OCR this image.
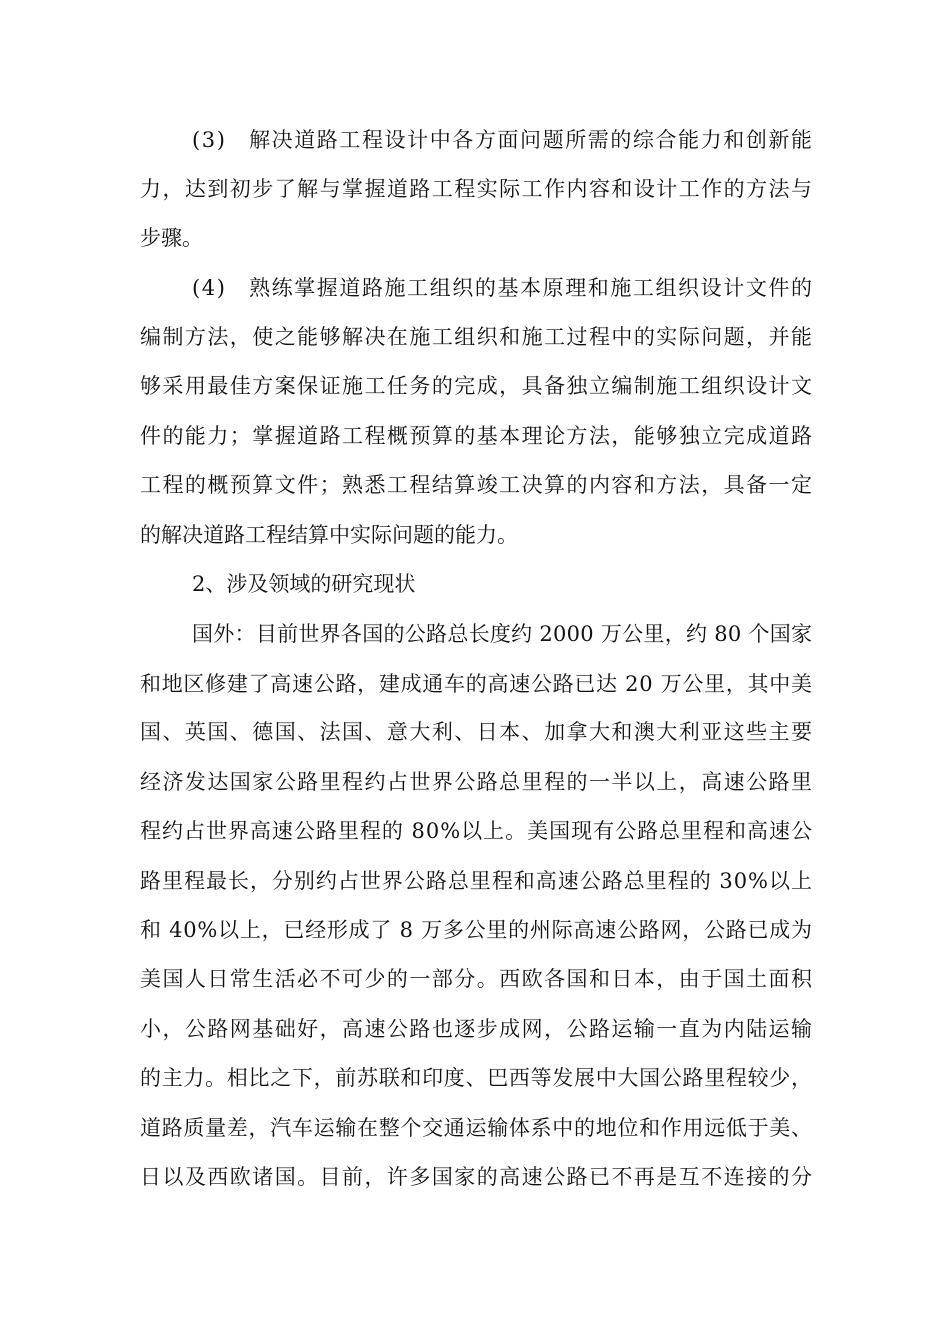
(3)　解决道路工程设计中各方面问题所需的综合能力和创新能
力，达到初步了解与掌握道路工程实际工作内容和设计工作的方法与
步骤。
(4)　熟练掌握道路施工组织的基本原理和施工组织设计文件的
编制方法，使之能够解决在施工组织和施工过程中的实际问题，并能
够采用最佳方案保证施工任务的完成，具备独立编制施工组织设计文
件的能力；掌握道路工程概预算的基本理论方法，能够独立完成道路
工程的概预算文件；熟悉工程结算竣工决算的内容和方法，具备一定
的解决道路工程结算中实际问题的能力。
2、涉及领域的研究现状
国外：目前世界各国的公路总长度约 2000 万公里，约 80 个国家
和地区修建了高速公路，建成通车的高速公路已达 20 万公里，其中美
国、英国、德国、法国、意大利、日本、加拿大和澳大利亚这些主要
经济发达国家公路里程约占世界公路总里程的一半以上，高速公路里
程约占世界高速公路里程的 80%以上。美国现有公路总里程和高速公
路里程最长，分别约占世界公路总里程和高速公路总里程的 30%以上
和 40%以上，已经形成了 8 万多公里的州际高速公路网，公路已成为
美国人日常生活必不可少的一部分。西欧各国和日本，由于国土面积
小，公路网基础好，高速公路也逐步成网，公路运输一直为内陆运输
的主力。相比之下，前苏联和印度、巴西等发展中大国公路里程较少，
道路质量差，汽车运输在整个交通运输体系中的地位和作用远低于美、
日以及西欧诸国。目前，许多国家的高速公路已不再是互不连接的分
